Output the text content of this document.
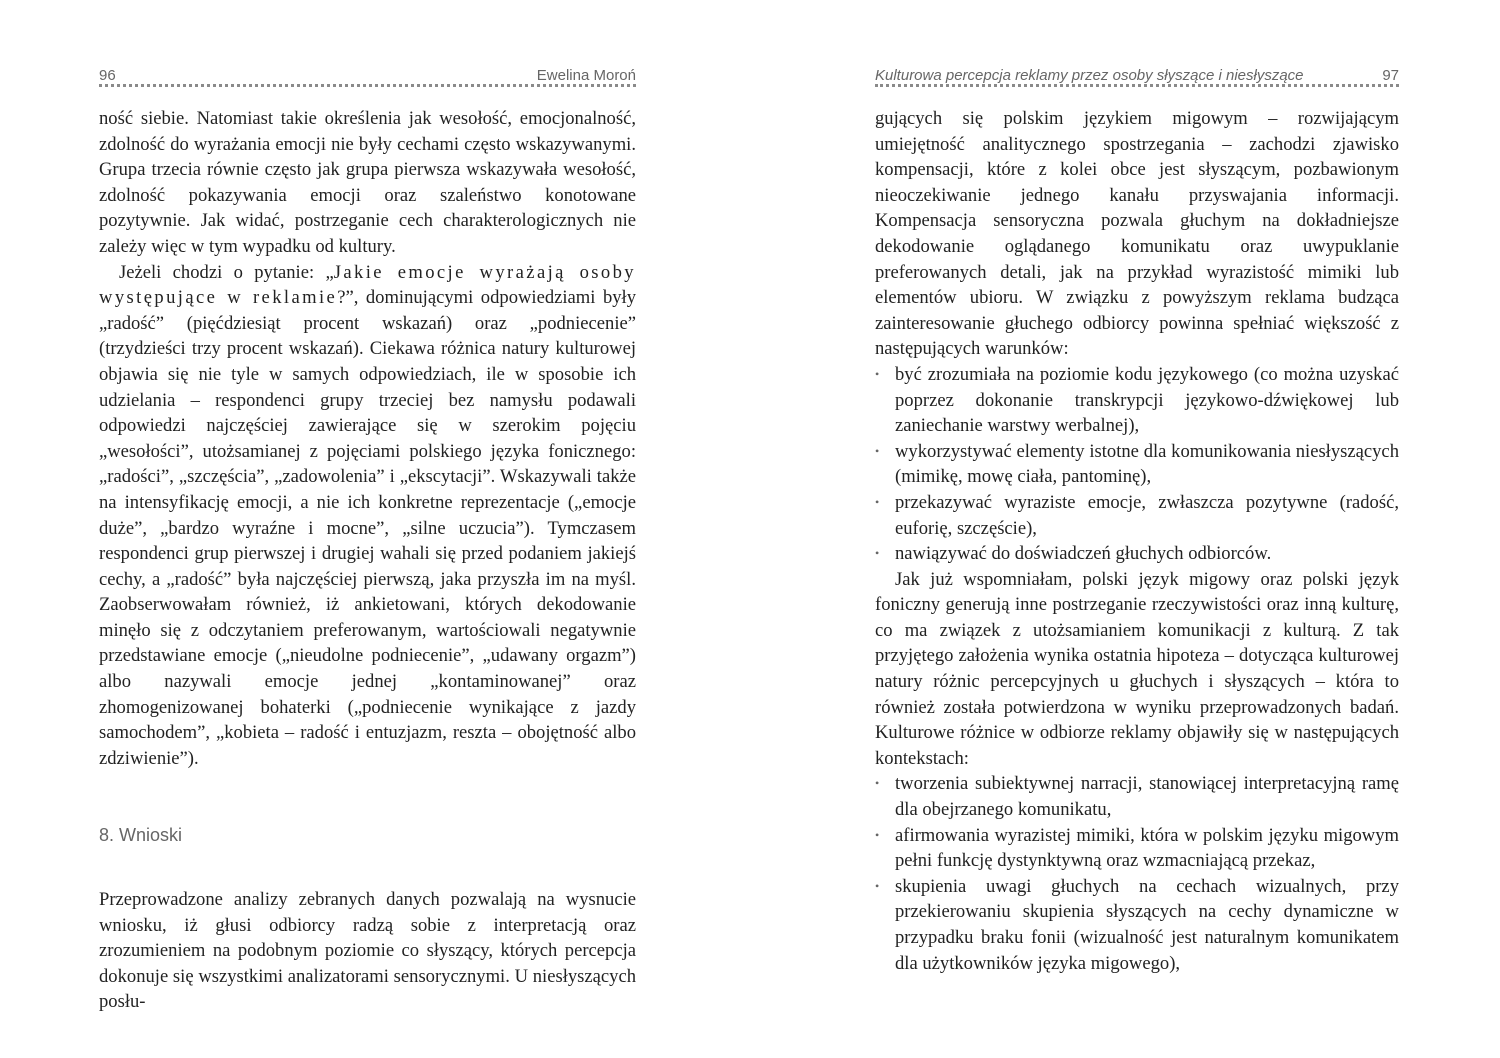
96	Ewelina Moroń

ność siebie. Natomiast takie określenia jak wesołość, emocjonalność, zdolność do wyrażania emocji nie były cechami często wskazywanymi. Grupa trzecia równie często jak grupa pierwsza wskazywała wesołość, zdolność pokazywania emocji oraz szaleństwo konotowane pozytywnie. Jak widać, postrzeganie cech charakterologicznych nie zależy więc w tym wypadku od kultury.

Jeżeli chodzi o pytanie: „Jakie emocje wyrażają osoby występujące w reklamie?”, dominującymi odpowiedziami były „radość” (pięćdziesiąt procent wskazań) oraz „podniecenie” (trzydzieści trzy procent wskazań). Ciekawa różnica natury kulturowej objawia się nie tyle w samych odpowiedziach, ile w sposobie ich udzielania – respondenci grupy trzeciej bez namysłu podawali odpowiedzi najczęściej zawierające się w szerokim pojęciu „wesołości”, utożsamianej z pojęciami polskiego języka fonicznego: „radości”, „szczęścia”, „zadowolenia” i „ekscytacji”. Wskazywali także na intensyfikację emocji, a nie ich konkretne reprezentacje („emocje duże”, „bardzo wyraźne i mocne”, „silne uczucia”). Tymczasem respondenci grup pierwszej i drugiej wahali się przed podaniem jakiejś cechy, a „radość” była najczęściej pierwszą, jaka przyszła im na myśl. Zaobserwowałam również, iż ankietowani, których dekodowanie minęło się z odczytaniem preferowanym, wartościowali negatywnie przedstawiane emocje („nieudolne podniecenie”, „udawany orgazm”) albo nazywali emocje jednej „kontaminowanej” oraz zhomogenizowanej bohaterki („podniecenie wynikające z jazdy samochodem”, „kobieta – radość i entuzjazm, reszta – obojętność albo zdziwienie”).

8. Wnioski

Przeprowadzone analizy zebranych danych pozwalają na wysnucie wniosku, iż głusi odbiorcy radzą sobie z interpretacją oraz zrozumieniem na podobnym poziomie co słyszący, których percepcja dokonuje się wszystkimi analizatorami sensorycznymi. U niesłyszących posłu-

Kulturowa percepcja reklamy przez osoby słyszące i niesłyszące	97

gujących się polskim językiem migowym – rozwijającym umiejętność analitycznego spostrzegania – zachodzi zjawisko kompensacji, które z kolei obce jest słyszącym, pozbawionym nieoczekiwanie jednego kanału przyswajania informacji. Kompensacja sensoryczna pozwala głuchym na dokładniejsze dekodowanie oglądanego komunikatu oraz uwypuklanie preferowanych detali, jak na przykład wyrazistość mimiki lub elementów ubioru. W związku z powyższym reklama budząca zainteresowanie głuchego odbiorcy powinna spełniać większość z następujących warunków:

• być zrozumiała na poziomie kodu językowego (co można uzyskać poprzez dokonanie transkrypcji językowo-dźwiękowej lub zaniechanie warstwy werbalnej),
• wykorzystywać elementy istotne dla komunikowania niesłyszących (mimikę, mowę ciała, pantominę),
• przekazywać wyraziste emocje, zwłaszcza pozytywne (radość, euforię, szczęście),
• nawiązywać do doświadczeń głuchych odbiorców.

Jak już wspomniałam, polski język migowy oraz polski język foniczny generują inne postrzeganie rzeczywistości oraz inną kulturę, co ma związek z utożsamianiem komunikacji z kulturą. Z tak przyjętego założenia wynika ostatnia hipoteza – dotycząca kulturowej natury różnic percepcyjnych u głuchych i słyszących – która to również została potwierdzona w wyniku przeprowadzonych badań. Kulturowe różnice w odbiorze reklamy objawiły się w następujących kontekstach:

• tworzenia subiektywnej narracji, stanowiącej interpretacyjną ramę dla obejrzanego komunikatu,
• afirmowania wyrazistej mimiki, która w polskim języku migowym pełni funkcję dystynktywną oraz wzmacniającą przekaz,
• skupienia uwagi głuchych na cechach wizualnych, przy przekierowaniu skupienia słyszących na cechy dynamiczne w przypadku braku fonii (wizualność jest naturalnym komunikatem dla użytkowników języka migowego),
